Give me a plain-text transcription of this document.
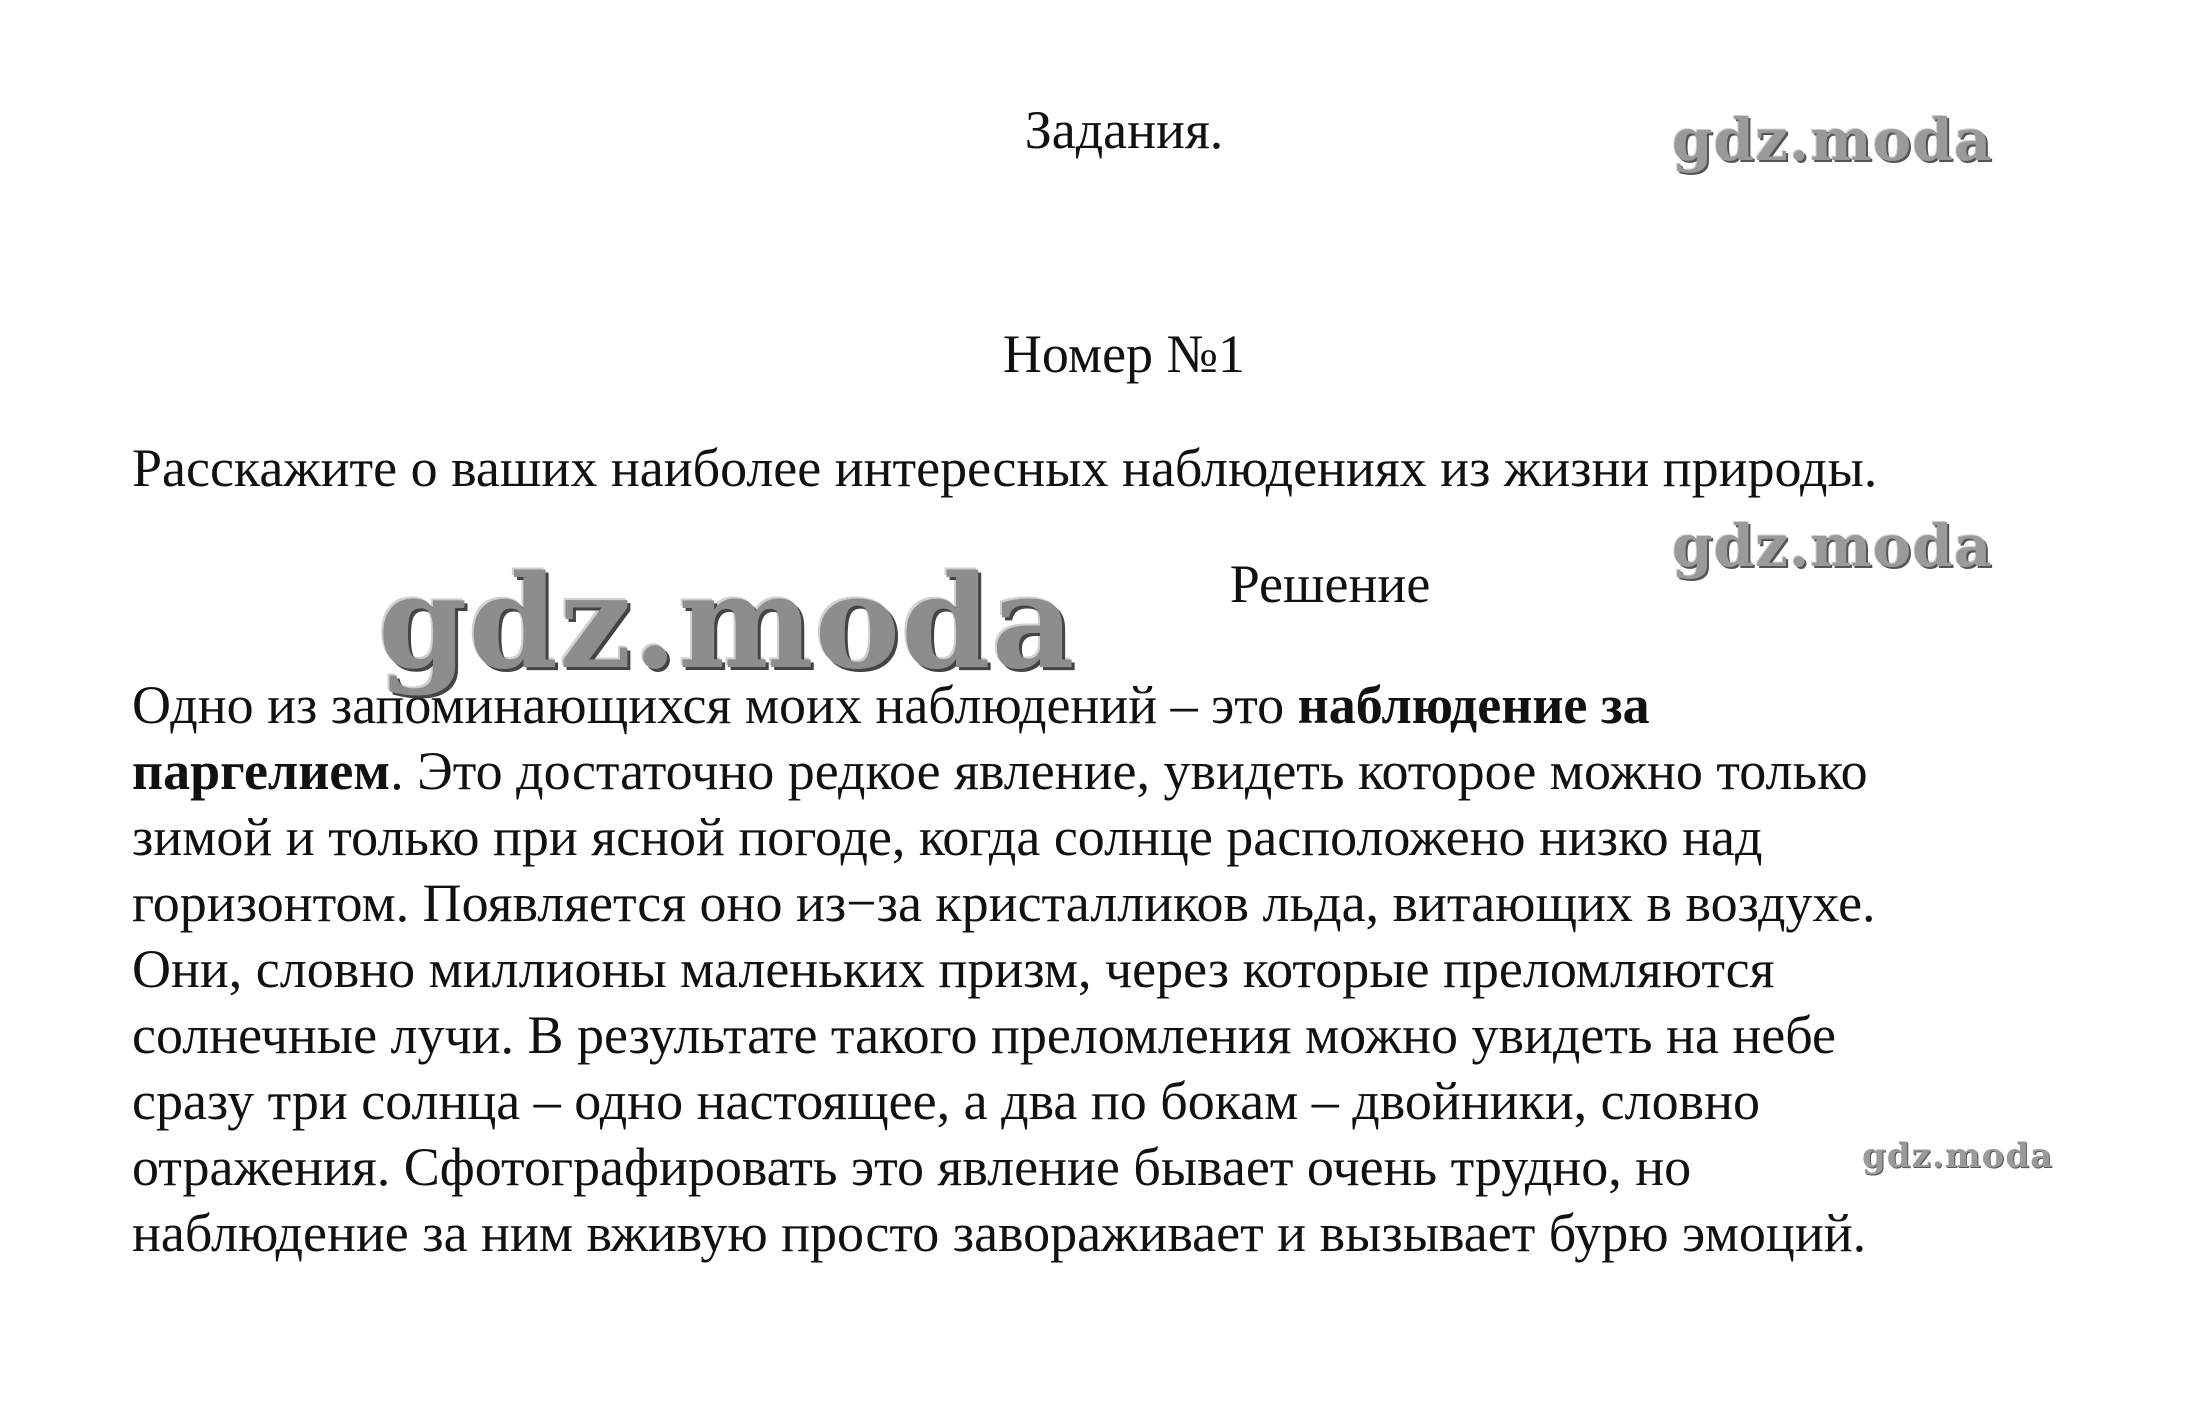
Задания.
Номер №1
Расскажите о ваших наиболее интересных наблюдениях из жизни природы.
Решение
Одно из запоминающихся моих наблюдений – это наблюдение за
паргелием. Это достаточно редкое явление, увидеть которое можно только
зимой и только при ясной погоде, когда солнце расположено низко над
горизонтом. Появляется оно из−за кристалликов льда, витающих в воздухе.
Они, словно миллионы маленьких призм, через которые преломляются
солнечные лучи. В результате такого преломления можно увидеть на небе
сразу три солнца – одно настоящее, а два по бокам – двойники, словно
отражения. Сфотографировать это явление бывает очень трудно, но
наблюдение за ним вживую просто завораживает и вызывает бурю эмоций.
gdz.moda
gdz.moda
gdz.moda
gdz.moda
